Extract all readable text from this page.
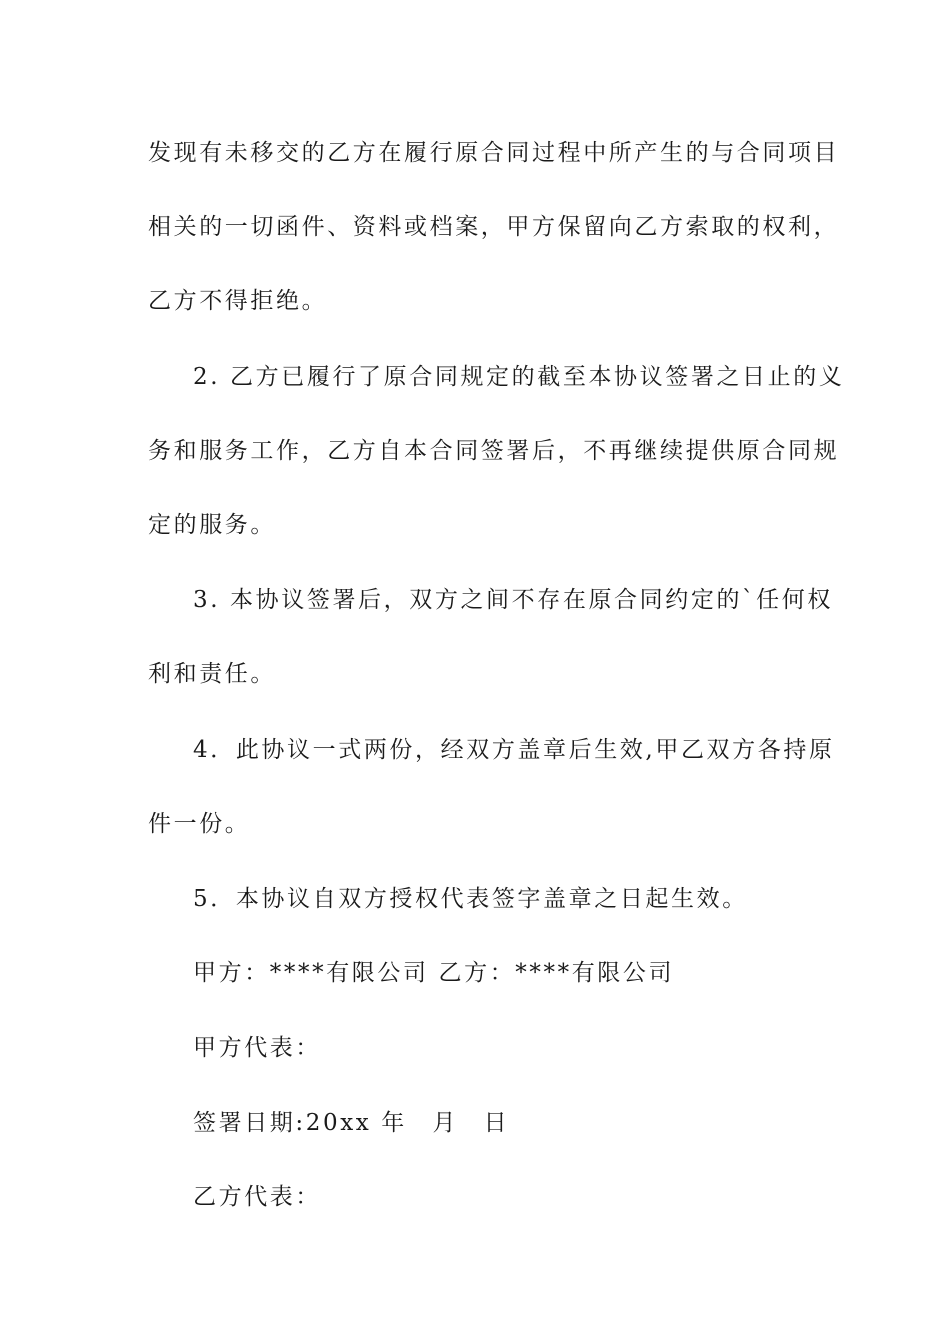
发现有未移交的乙方在履行原合同过程中所产生的与合同项目
相关的一切函件、资料或档案，甲方保留向乙方索取的权利，
乙方不得拒绝。
2. 乙方已履行了原合同规定的截至本协议签署之日止的义
务和服务工作，乙方自本合同签署后，不再继续提供原合同规
定的服务。
3. 本协议签署后，双方之间不存在原合同约定的`任何权
利和责任。
4．此协议一式两份，经双方盖章后生效,甲乙双方各持原
件一份。
5．本协议自双方授权代表签字盖章之日起生效。
甲方：****有限公司 乙方：****有限公司
甲方代表：
签署日期:20xx 年　月　日
乙方代表：
